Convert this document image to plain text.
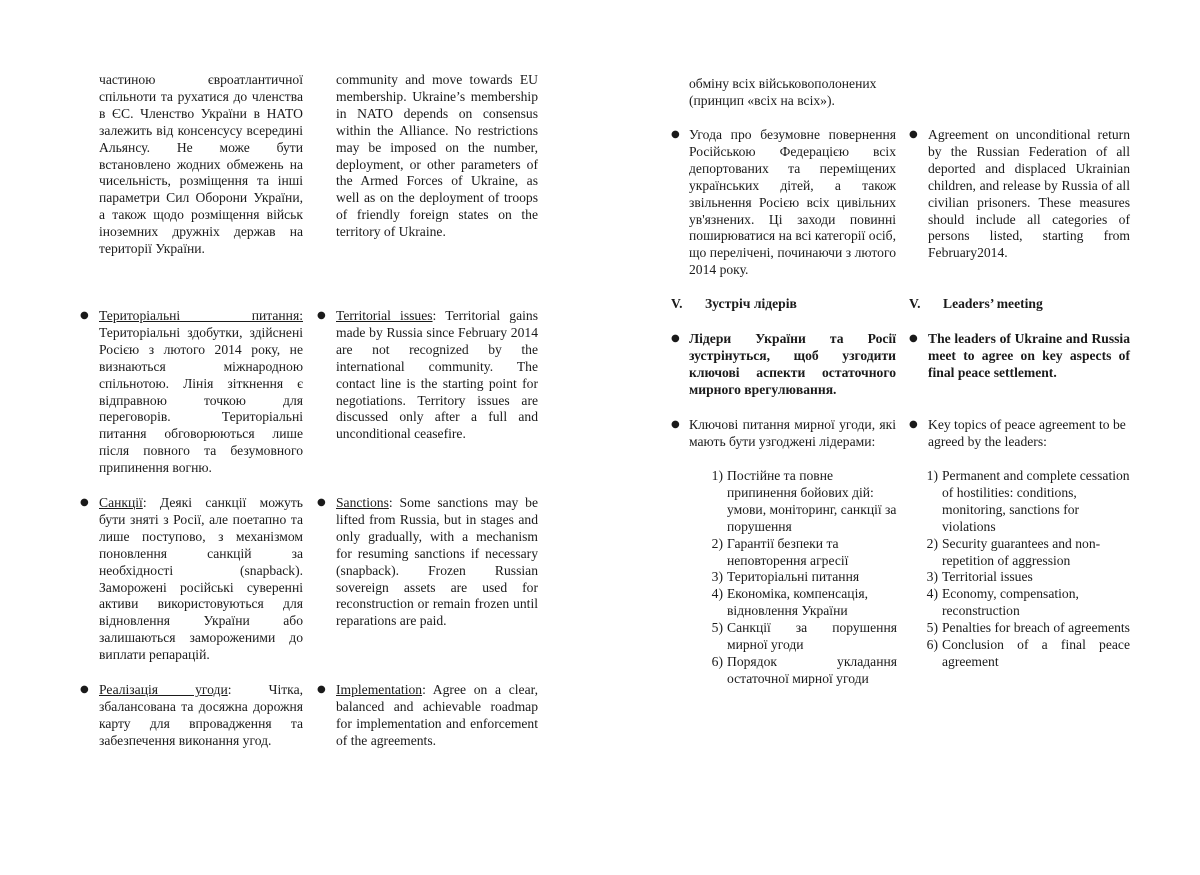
частиною євроатлантичної спільноти та рухатися до членства в ЄС. Членство України в НАТО залежить від консенсусу всередині Альянсу. Не може бути встановлено жодних обмежень на чисельність, розміщення та інші параметри Сил Оборони України, а також щодо розміщення військ іноземних дружніх держав на території України.
community and move towards EU membership. Ukraine’s membership in NATO depends on consensus within the Alliance. No restrictions may be imposed on the number, deployment, or other parameters of the Armed Forces of Ukraine, as well as on the deployment of troops of friendly foreign states on the territory of Ukraine.
● Територіальні питання: Територіальні здобутки, здійснені Росією з лютого 2014 року, не визнаються міжнародною спільнотою. Лінія зіткнення є відправною точкою для переговорів. Територіальні питання обговорюються лише після повного та безумовного припинення вогню.
● Territorial issues: Territorial gains made by Russia since February 2014 are not recognized by the international community. The contact line is the starting point for negotiations. Territory issues are discussed only after a full and unconditional ceasefire.
● Санкції: Деякі санкції можуть бути зняті з Росії, але поетапно та лише поступово, з механізмом поновлення санкцій за необхідності (snapback). Заморожені російські суверенні активи використовуються для відновлення України або залишаються замороженими до виплати репарацій.
● Sanctions: Some sanctions may be lifted from Russia, but in stages and only gradually, with a mechanism for resuming sanctions if necessary (snapback). Frozen Russian sovereign assets are used for reconstruction or remain frozen until reparations are paid.
● Реалізація угоди: Чітка, збалансована та досяжна дорожня карту для впровадження та забезпечення виконання угод.
● Implementation: Agree on a clear, balanced and achievable roadmap for implementation and enforcement of the agreements.
обміну всіх військовополонених (принцип «всіх на всіх»).
● Угода про безумовне повернення Російською Федерацією всіх депортованих та переміщених українських дітей, а також звільнення Росією всіх цивільних ув'язнених. Ці заходи повинні поширюватися на всі категорії осіб, що перелічені, починаючи з лютого 2014 року.
● Agreement on unconditional return by the Russian Federation of all deported and displaced Ukrainian children, and release by Russia of all civilian prisoners. These measures should include all categories of persons listed, starting from February2014.
V. Зустріч лідерів	V. Leaders’ meeting
● Лідери України та Росії зустрінуться, щоб узгодити ключові аспекти остаточного мирного врегулювання.
● The leaders of Ukraine and Russia meet to agree on key aspects of final peace settlement.
● Ключові питання мирної угоди, які мають бути узгоджені лідерами:
● Key topics of peace agreement to be agreed by the leaders:
1) Постійне та повне припинення бойових дій: умови, моніторинг, санкції за порушення
2) Гарантії безпеки та неповторення агресії
3) Територіальні питання
4) Економіка, компенсація, відновлення України
5) Санкції за порушення мирної угоди
6) Порядок укладання остаточної мирної угоди
1) Permanent and complete cessation of hostilities: conditions, monitoring, sanctions for violations
2) Security guarantees and non-repetition of aggression
3) Territorial issues
4) Economy, compensation, reconstruction
5) Penalties for breach of agreements
6) Conclusion of a final peace agreement
